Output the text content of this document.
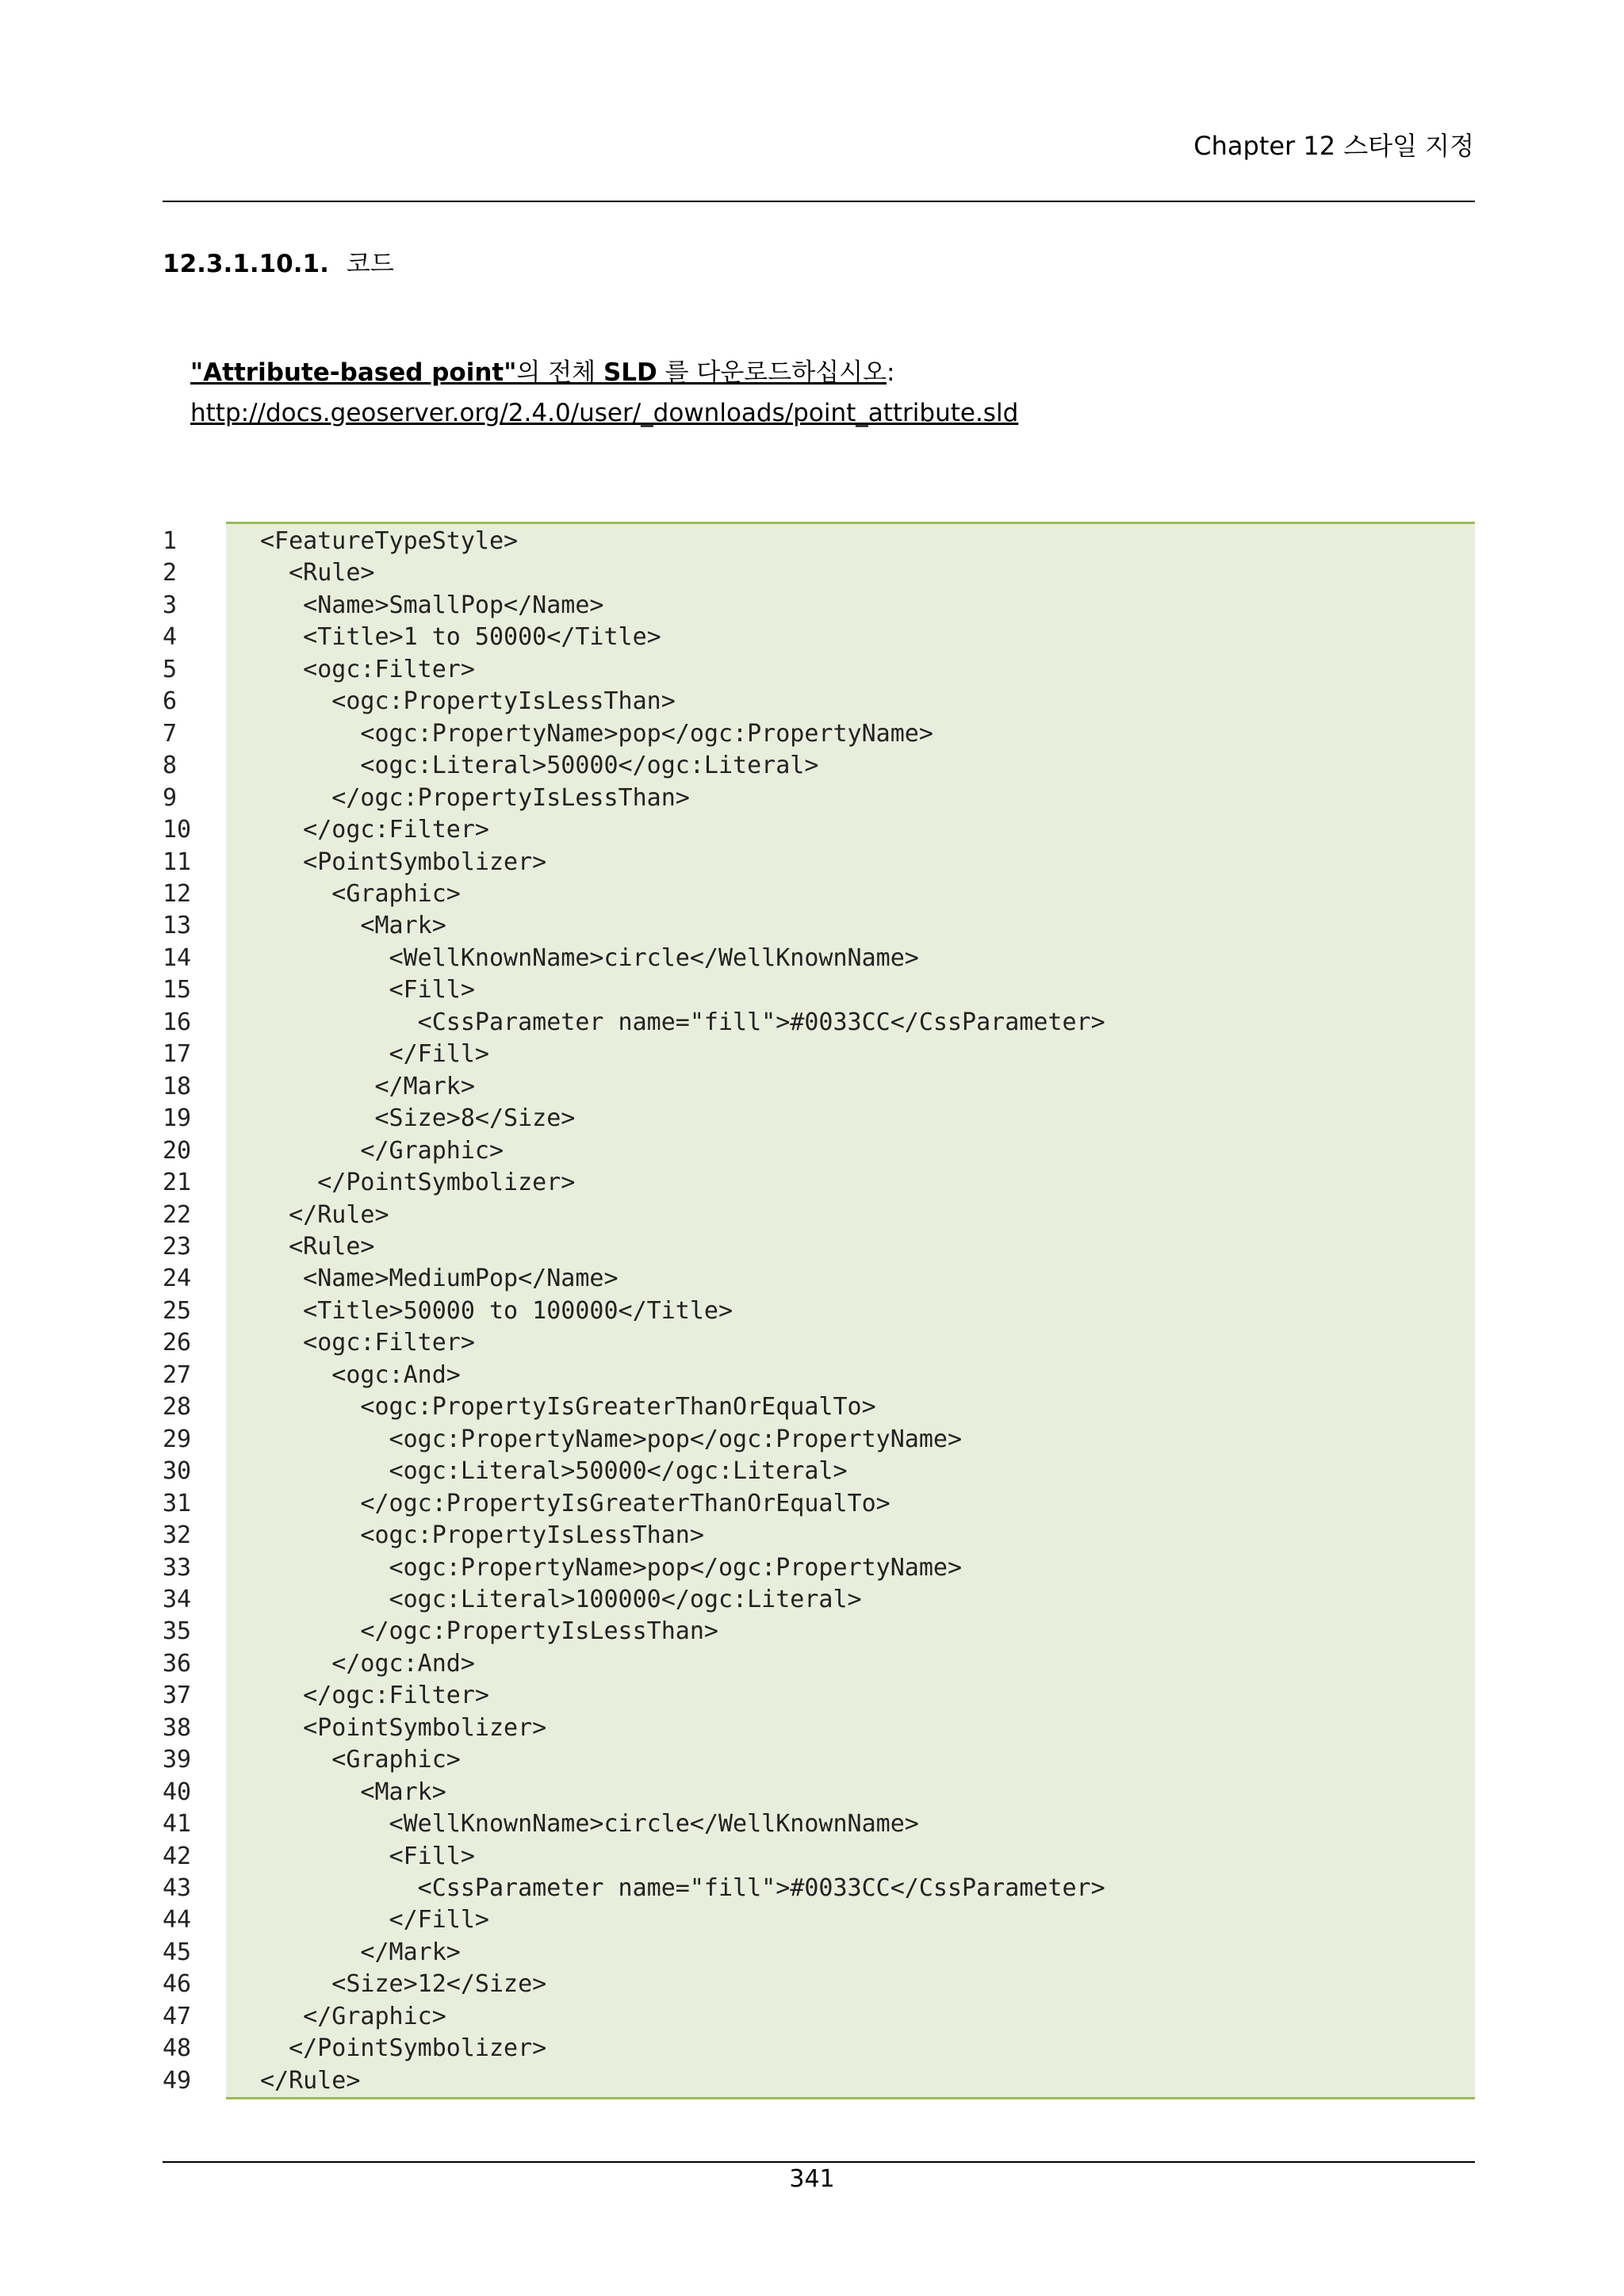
Chapter 12 스타일 지정
12.3.1.10.1. 코드
"Attribute-based point"의 전체 SLD 를 다운로드하십시오:
http://docs.geoserver.org/2.4.0/user/_downloads/point_attribute.sld
1
2
3
4
5
6
7
8
9
10
11
12
13
14
15
16
17
18
19
20
21
22
23
24
25
26
27
28
29
30
31
32
33
34
35
36
37
38
39
40
41
42
43
44
45
46
47
48
49
<FeatureTypeStyle>
<Rule>
<Name>SmallPop</Name>
<Title>1 to 50000</Title>
<ogc:Filter>
<ogc:PropertyIsLessThan>
<ogc:PropertyName>pop</ogc:PropertyName>
<ogc:Literal>50000</ogc:Literal>
</ogc:PropertyIsLessThan>
</ogc:Filter>
<PointSymbolizer>
<Graphic>
<Mark>
<WellKnownName>circle</WellKnownName>
<Fill>
<CssParameter name="fill">#0033CC</CssParameter>
</Fill>
</Mark>
<Size>8</Size>
</Graphic>
</PointSymbolizer>
</Rule>
<Rule>
<Name>MediumPop</Name>
<Title>50000 to 100000</Title>
<ogc:Filter>
<ogc:And>
<ogc:PropertyIsGreaterThanOrEqualTo>
<ogc:PropertyName>pop</ogc:PropertyName>
<ogc:Literal>50000</ogc:Literal>
</ogc:PropertyIsGreaterThanOrEqualTo>
<ogc:PropertyIsLessThan>
<ogc:PropertyName>pop</ogc:PropertyName>
<ogc:Literal>100000</ogc:Literal>
</ogc:PropertyIsLessThan>
</ogc:And>
</ogc:Filter>
<PointSymbolizer>
<Graphic>
<Mark>
<WellKnownName>circle</WellKnownName>
<Fill>
<CssParameter name="fill">#0033CC</CssParameter>
</Fill>
</Mark>
<Size>12</Size>
</Graphic>
</PointSymbolizer>
</Rule>
341
